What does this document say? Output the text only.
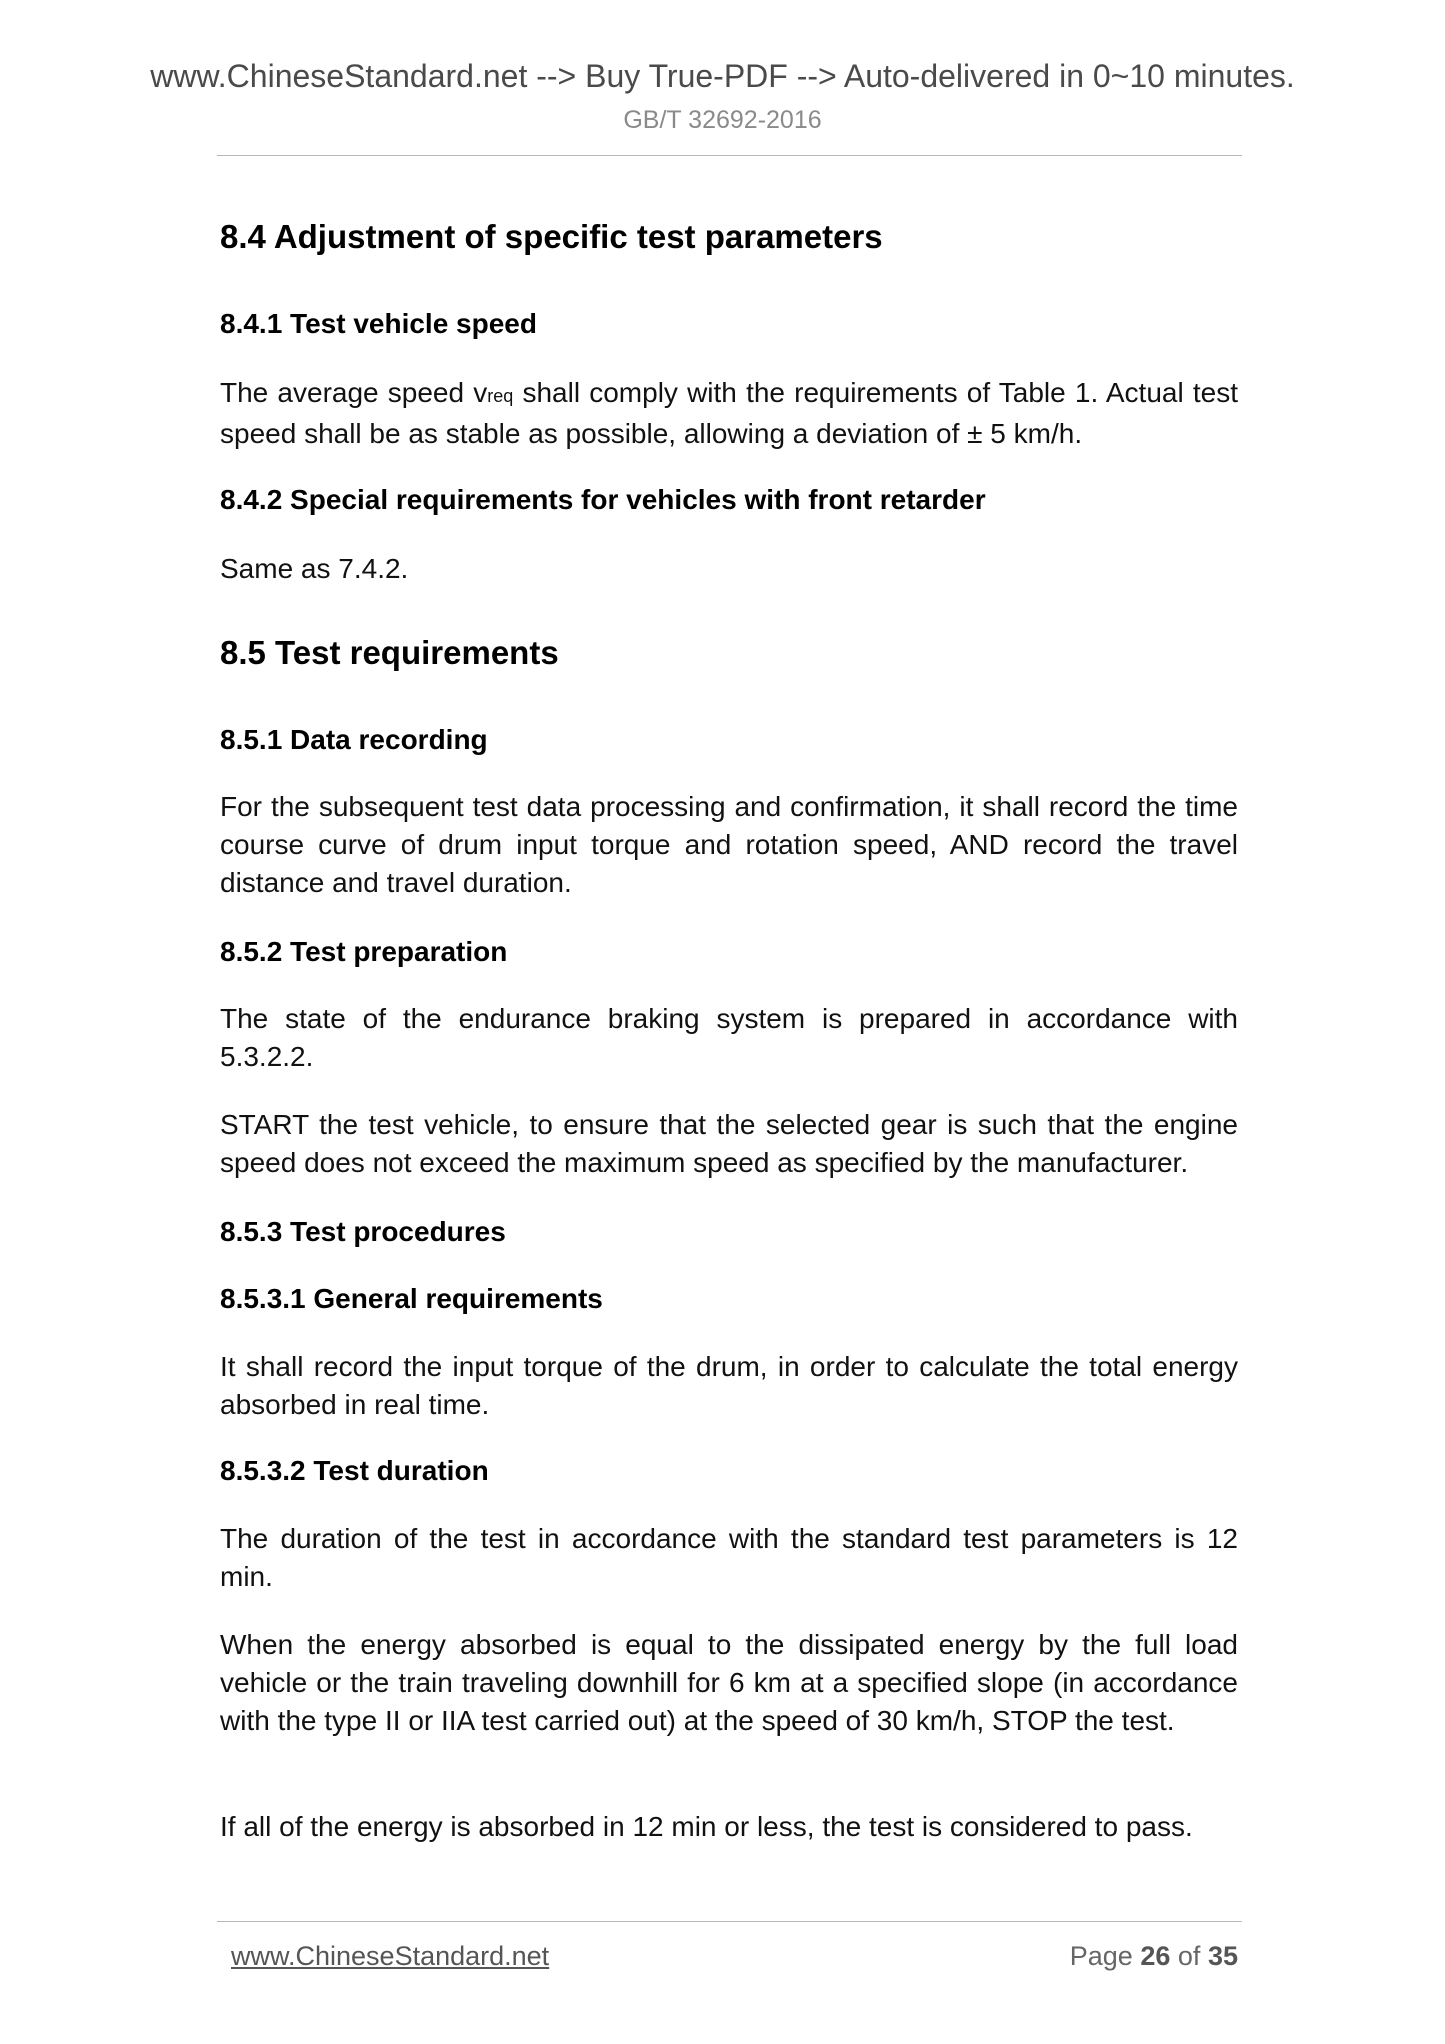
www.ChineseStandard.net --> Buy True-PDF --> Auto-delivered in 0~10 minutes.
GB/T 32692-2016
8.4 Adjustment of specific test parameters
8.4.1 Test vehicle speed

The average speed vreq shall comply with the requirements of Table 1. Actual test speed shall be as stable as possible, allowing a deviation of ± 5 km/h.

8.4.2 Special requirements for vehicles with front retarder

Same as 7.4.2.

8.5 Test requirements
8.5.1 Data recording

For the subsequent test data processing and confirmation, it shall record the time course curve of drum input torque and rotation speed, AND record the travel distance and travel duration.

8.5.2 Test preparation

The state of the endurance braking system is prepared in accordance with 5.3.2.2.

START the test vehicle, to ensure that the selected gear is such that the engine speed does not exceed the maximum speed as specified by the manufacturer.

8.5.3 Test procedures
8.5.3.1 General requirements

It shall record the input torque of the drum, in order to calculate the total energy absorbed in real time.

8.5.3.2 Test duration

The duration of the test in accordance with the standard test parameters is 12 min.

When the energy absorbed is equal to the dissipated energy by the full load vehicle or the train traveling downhill for 6 km at a specified slope (in accordance with the type II or IIA test carried out) at the speed of 30 km/h, STOP the test.

If all of the energy is absorbed in 12 min or less, the test is considered to pass.

www.ChineseStandard.net	Page 26 of 35
